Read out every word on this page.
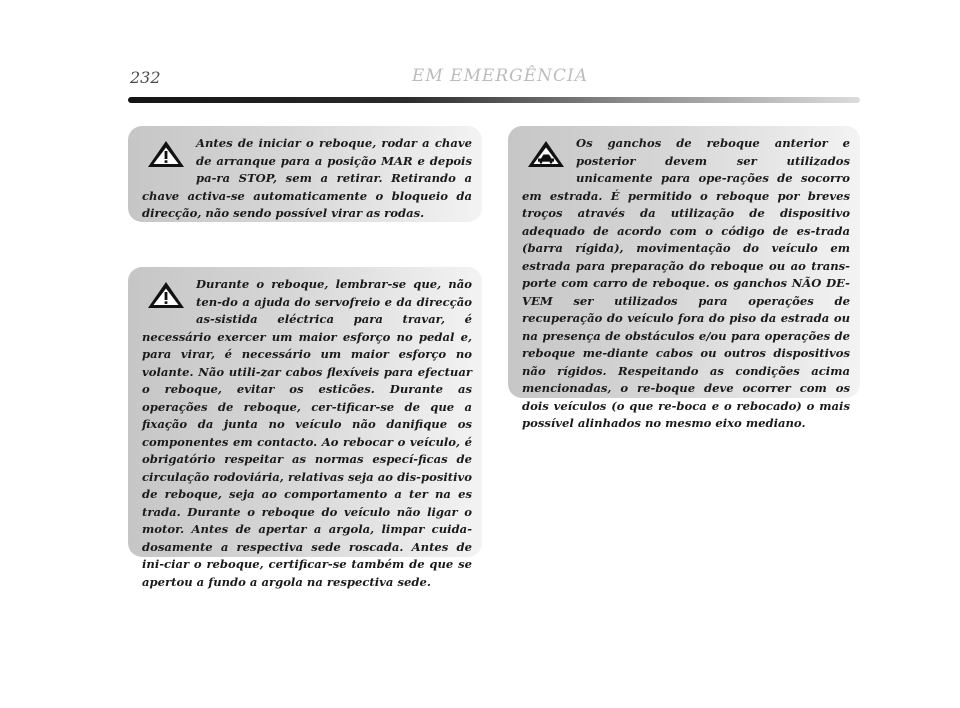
232	EM EMERGÊNCIA

Antes de iniciar o reboque, rodar a chave de arranque para a posição MAR e depois pa-ra STOP, sem a retirar. Retirando a chave activa-se automaticamente o bloqueio da direcção, não sendo possível virar as rodas.

Durante o reboque, lembrar-se que, não ten-do a ajuda do servofreio e da direcção as-sistida eléctrica para travar, é necessário exercer um maior esforço no pedal e, para virar, é necessário um maior esforço no volante. Não utili-zar cabos flexíveis para efectuar o reboque, evitar os esticões. Durante as operações de reboque, cer-tificar-se de que a fixação da junta no veículo não danifique os componentes em contacto. Ao rebocar o veículo, é obrigatório respeitar as normas especí-ficas de circulação rodoviária, relativas seja ao dis-positivo de reboque, seja ao comportamento a ter na es trada. Durante o reboque do veículo não ligar o motor. Antes de apertar a argola, limpar cuida-dosamente a respectiva sede roscada. Antes de ini-ciar o reboque, certificar-se também de que se apertou a fundo a argola na respectiva sede.

Os ganchos de reboque anterior e posterior devem ser utilizados unicamente para ope-rações de socorro em estrada. É permitido o reboque por breves troços através da utilização de dispositivo adequado de acordo com o código de es-trada (barra rígida), movimentação do veículo em estrada para preparação do reboque ou ao trans-porte com carro de reboque. os ganchos NÃO DE-VEM ser utilizados para operações de recuperação do veículo fora do piso da estrada ou na presença de obstáculos e/ou para operações de reboque me-diante cabos ou outros dispositivos não rígidos. Respeitando as condições acima mencionadas, o re-boque deve ocorrer com os dois veículos (o que re-boca e o rebocado) o mais possível alinhados no mesmo eixo mediano.
